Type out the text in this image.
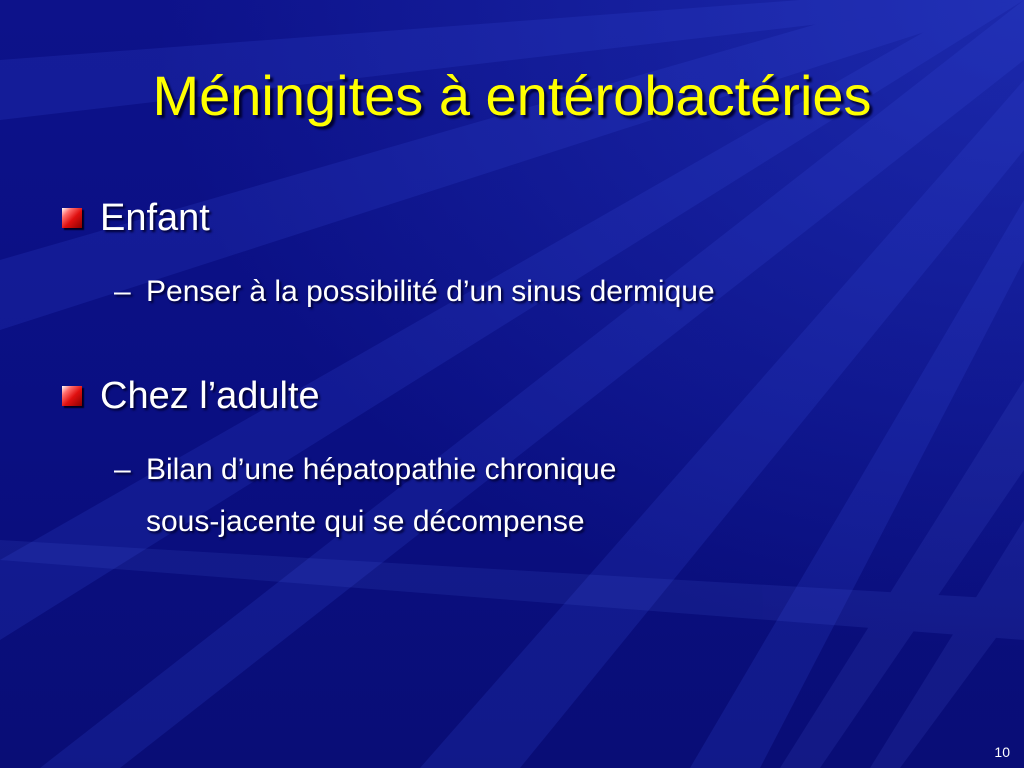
Méningites à entérobactéries
Enfant
– Penser à la possibilité d’un sinus dermique
Chez l’adulte
– Bilan d’une hépatopathie chronique
sous-jacente qui se décompense
10
